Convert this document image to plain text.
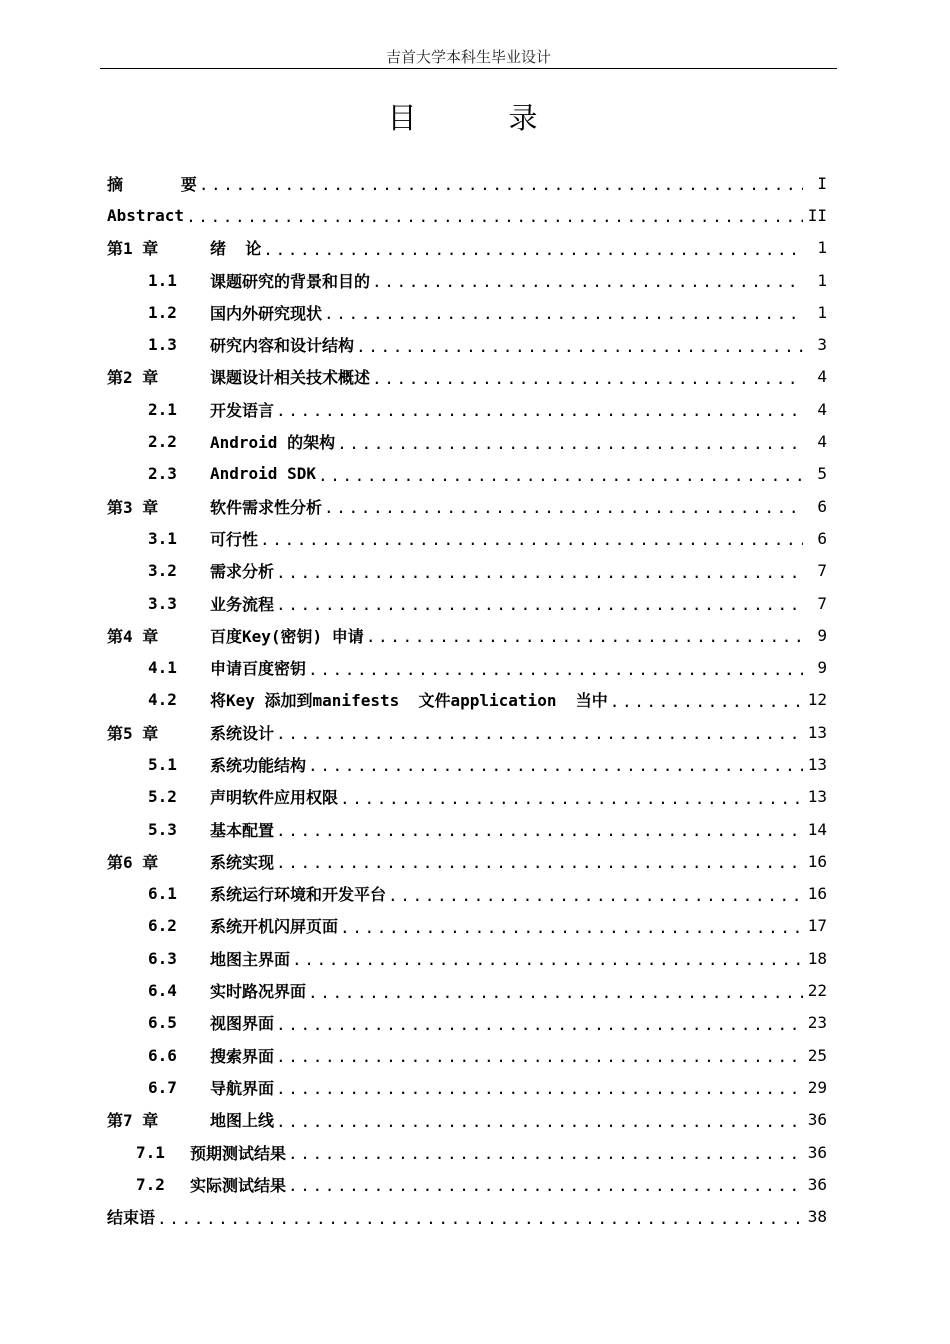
吉首大学本科生毕业设计
目录
摘      要 .....	I
Abstract .....	II
第1 章	绪  论 .....	1
1.1	课题研究的背景和目的 .....	1
1.2	国内外研究现状 .....	1
1.3	研究内容和设计结构 .....	3
第2 章	课题设计相关技术概述 .....	4
2.1	开发语言 .....	4
2.2	Android 的架构 .....	4
2.3	Android SDK .....	5
第3 章	软件需求性分析 .....	6
3.1	可行性 .....	6
3.2	需求分析 .....	7
3.3	业务流程 .....	7
第4 章	百度Key(密钥) 申请 .....	9
4.1	申请百度密钥 .....	9
4.2	将Key 添加到manifests  文件application  当中 .....	12
第5 章	系统设计 .....	13
5.1	系统功能结构 .....	13
5.2	声明软件应用权限 .....	13
5.3	基本配置 .....	14
第6 章	系统实现 .....	16
6.1	系统运行环境和开发平台 .....	16
6.2	系统开机闪屏页面 .....	17
6.3	地图主界面 .....	18
6.4	实时路况界面 .....	22
6.5	视图界面 .....	23
6.6	搜索界面 .....	25
6.7	导航界面 .....	29
第7 章	地图上线 .....	36
7.1	预期测试结果 .....	36
7.2	实际测试结果 .....	36
结束语 .....	38
